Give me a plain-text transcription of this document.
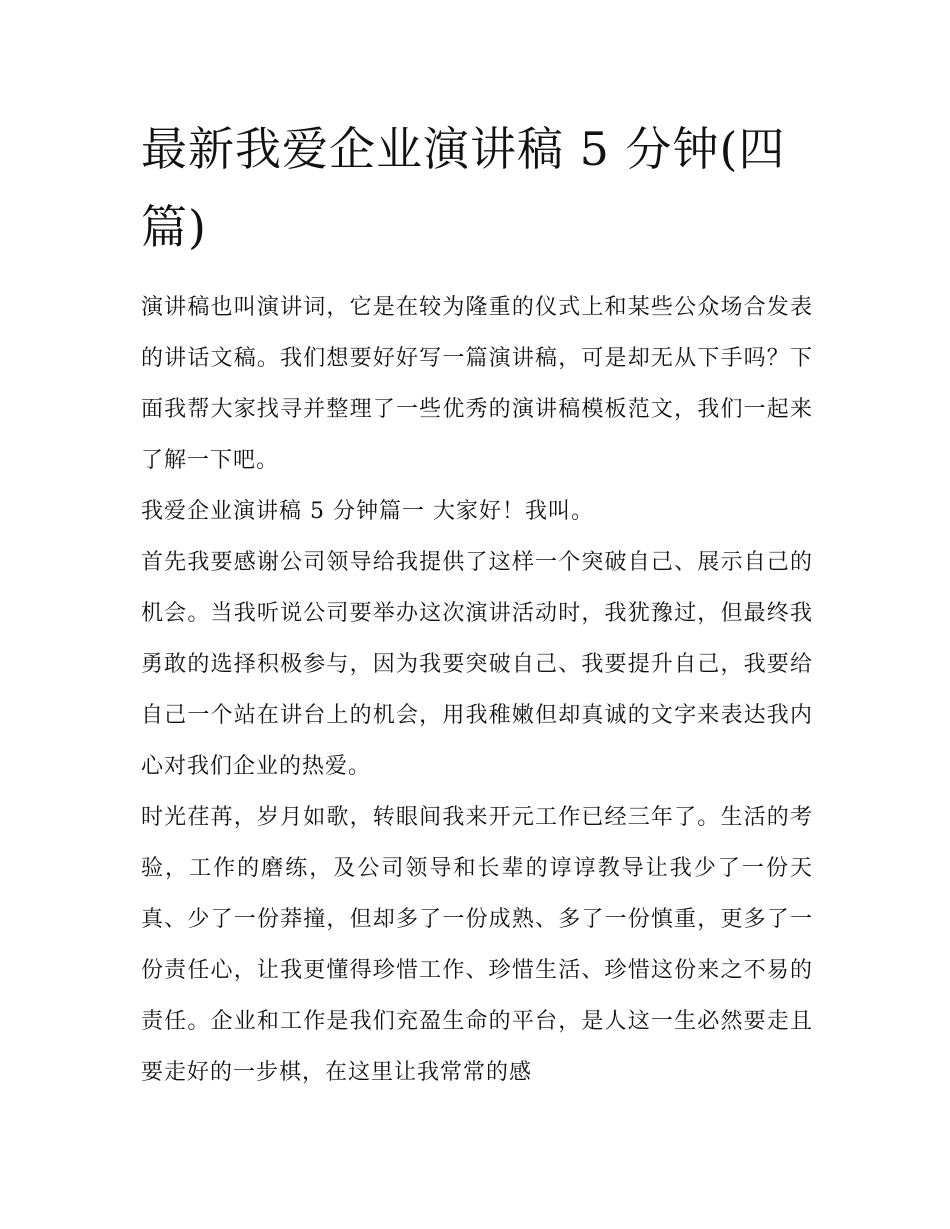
最新我爱企业演讲稿 5 分钟(四篇)

演讲稿也叫演讲词，它是在较为隆重的仪式上和某些公众场合发表的讲话文稿。我们想要好好写一篇演讲稿，可是却无从下手吗？下面我帮大家找寻并整理了一些优秀的演讲稿模板范文，我们一起来了解一下吧。

我爱企业演讲稿 5 分钟篇一 大家好！我叫。

首先我要感谢公司领导给我提供了这样一个突破自己、展示自己的机会。当我听说公司要举办这次演讲活动时，我犹豫过，但最终我勇敢的选择积极参与，因为我要突破自己、我要提升自己，我要给自己一个站在讲台上的机会，用我稚嫩但却真诚的文字来表达我内心对我们企业的热爱。

时光荏苒，岁月如歌，转眼间我来开元工作已经三年了。生活的考验，工作的磨练，及公司领导和长辈的谆谆教导让我少了一份天真、少了一份莽撞，但却多了一份成熟、多了一份慎重，更多了一份责任心，让我更懂得珍惜工作、珍惜生活、珍惜这份来之不易的责任。企业和工作是我们充盈生命的平台，是人这一生必然要走且要走好的一步棋，在这里让我常常的感
